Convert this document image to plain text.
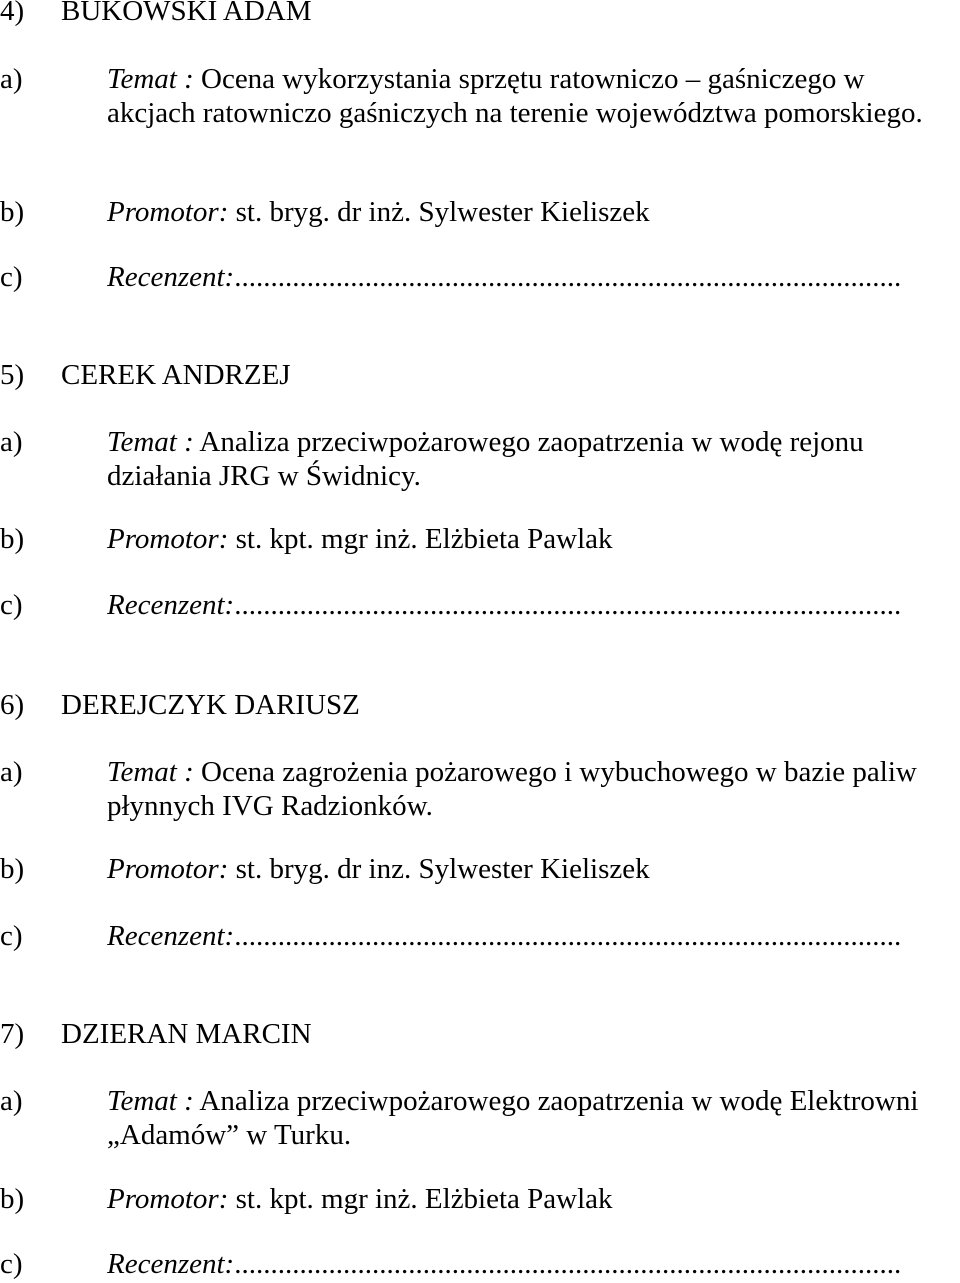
4) BUKOWSKI ADAM
a)	Temat : Ocena wykorzystania sprzętu ratowniczo – gaśniczego w akcjach ratowniczo gaśniczych na terenie województwa pomorskiego.
b)	Promotor: st. bryg. dr inż. Sylwester Kieliszek
c)	Recenzent:............................................................................................
5) CEREK ANDRZEJ
a)	Temat : Analiza przeciwpożarowego zaopatrzenia w wodę rejonu działania JRG w Świdnicy.
b)	Promotor: st. kpt. mgr inż. Elżbieta Pawlak
c)	Recenzent:............................................................................................
6) DEREJCZYK DARIUSZ
a)	Temat : Ocena zagrożenia pożarowego i wybuchowego w bazie paliw płynnych IVG Radzionków.
b)	Promotor: st. bryg. dr inz. Sylwester Kieliszek
c)	Recenzent:............................................................................................
7) DZIERAN MARCIN
a)	Temat : Analiza przeciwpożarowego zaopatrzenia w wodę Elektrowni „Adamów” w Turku.
b)	Promotor: st. kpt. mgr inż. Elżbieta Pawlak
c)	Recenzent:............................................................................................
